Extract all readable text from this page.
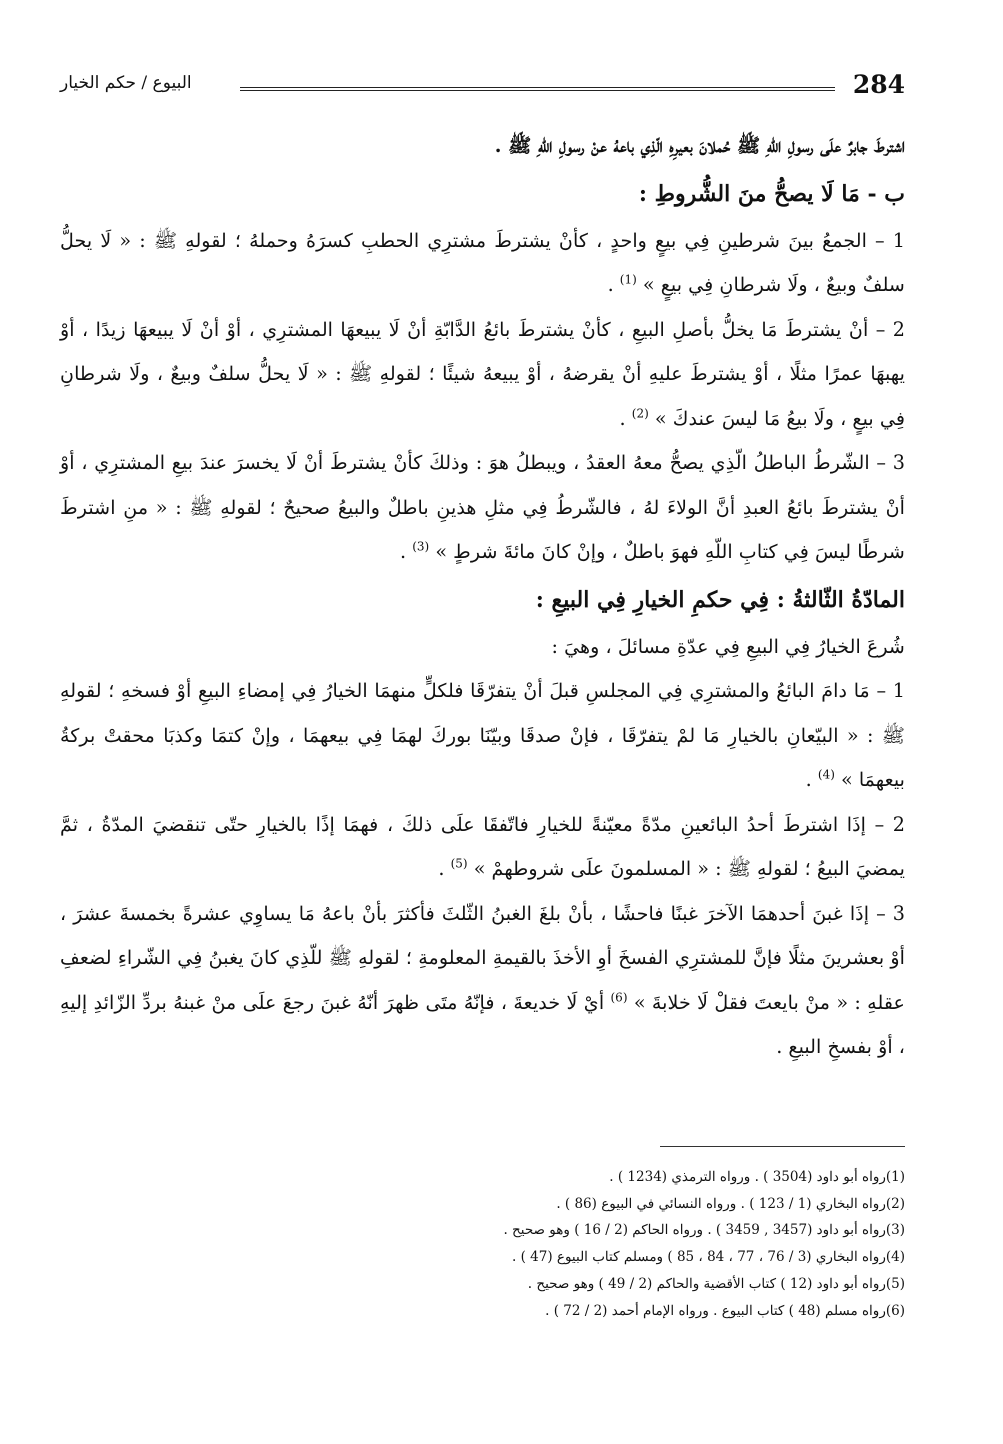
284
البيوع / حكم الخيار

اشترطَ جابرٌ علَى رسولِ اللّهِ ﷺ حُملانَ بعيرِهِ الّذِي باعهُ عنْ رسولِ اللّهِ ﷺ .

ب - مَا لَا يصحُّ منَ الشُّروطِ :

1 – الجمعُ بينَ شرطينِ فِي بيعٍ واحدٍ ، كأنْ يشترطَ مشترِي الحطبِ كسرَهُ وحملهُ ؛ لقولهِ ﷺ : « لَا يحلُّ سلفٌ وبيعٌ ، ولَا شرطانِ فِي بيعٍ » $^{(1)}$ .

2 – أنْ يشترطَ مَا يخلُّ بأصلِ البيعِ ، كأنْ يشترطَ بائعُ الدَّابّةِ أنْ لَا يبيعهَا المشترِي ، أوْ أنْ لَا يبيعهَا زيدًا ، أوْ يهبهَا عمرًا مثلًا ، أوْ يشترطَ عليهِ أنْ يقرضهُ ، أوْ يبيعهُ شيئًا ؛ لقولهِ ﷺ : « لَا يحلُّ سلفٌ وبيعٌ ، ولَا شرطانِ فِي بيعٍ ، ولَا بيعُ مَا ليسَ عندكَ » $^{(2)}$ .

3 – الشّرطُ الباطلُ الّذِي يصحُّ معهُ العقدُ ، ويبطلُ هوَ : وذلكَ كأنْ يشترطَ أنْ لَا يخسرَ عندَ بيعِ المشترِي ، أوْ أنْ يشترطَ بائعُ العبدِ أنَّ الولاءَ لهُ ، فالشّرطُ فِي مثلِ هذينِ باطلٌ والبيعُ صحيحٌ ؛ لقولهِ ﷺ : « منِ اشترطَ شرطًا ليسَ فِي كتابِ اللّهِ فهوَ باطلٌ ، وإنْ كانَ مائةَ شرطٍ » $^{(3)}$ .

المادّةُ الثّالثةُ : فِي حكمِ الخيارِ فِي البيعِ :

شُرعَ الخيارُ فِي البيعِ فِي عدّةِ مسائلَ ، وهيَ :

1 – مَا دامَ البائعُ والمشترِي فِي المجلسِ قبلَ أنْ يتفرّقَا فلكلٍّ منهمَا الخيارُ فِي إمضاءِ البيعِ أوْ فسخهِ ؛ لقولهِ ﷺ : « البيّعانِ بالخيارِ مَا لمْ يتفرّقَا ، فإنْ صدقَا وبيّنَا بوركَ لهمَا فِي بيعهمَا ، وإنْ كتمَا وكذبَا محقتْ بركةُ بيعهمَا » $^{(4)}$ .

2 – إذَا اشترطَ أحدُ البائعينِ مدّةً معيّنةً للخيارِ فاتّفقَا علَى ذلكَ ، فهمَا إذًا بالخيارِ حتّى تنقضيَ المدّةُ ، ثمَّ يمضيَ البيعُ ؛ لقولهِ ﷺ : « المسلمونَ علَى شروطهمْ » $^{(5)}$ .

3 – إذَا غبنَ أحدهمَا الآخرَ غبنًا فاحشًا ، بأنْ بلغَ الغبنُ الثّلثَ فأكثرَ بأنْ باعهُ مَا يساوِي عشرةً بخمسةَ عشرَ ، أوْ بعشرينَ مثلًا فإنَّ للمشترِي الفسخَ أوِ الأخذَ بالقيمةِ المعلومةِ ؛ لقولهِ ﷺ للّذِي كانَ يغبنُ فِي الشّراءِ لضعفِ عقلهِ : « منْ بايعتَ فقلْ لَا خلابةَ » $^{(6)}$ أيْ لَا خديعةَ ، فإنّهُ متَى ظهرَ أنّهُ غبنَ رجعَ علَى منْ غبنهُ بردِّ الزّائدِ إليهِ ، أوْ بفسخِ البيعِ .

(1)رواه أبو داود (3504 ) . ورواه الترمذي (1234 ) .

(2)رواه البخاري (1 / 123 ) . ورواه النسائي في البيوع (86 ) .

(3)رواه أبو داود (3457 , 3459 ) . ورواه الحاكم (2 / 16 ) وهو صحيح .

(4)رواه البخاري (3 / 76 ، 77 ، 84 ، 85 ) ومسلم كتاب البيوع (47 ) .

(5)رواه أبو داود (12 ) كتاب الأقضية والحاكم (2 / 49 ) وهو صحيح .

(6)رواه مسلم (48 ) كتاب البيوع . ورواه الإمام أحمد (2 / 72 ) .
